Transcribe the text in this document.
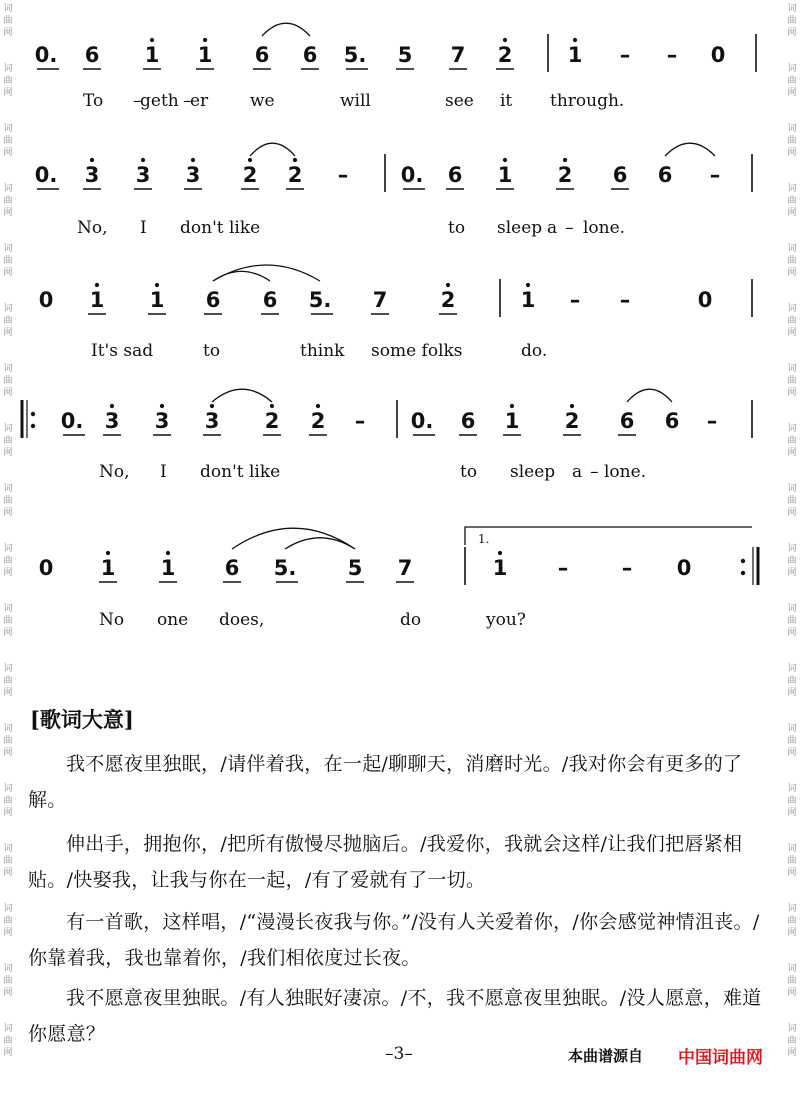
0. 6 1 1 6 6 5. 5 7 2	1 – – 0
To –
geth –
er we	will	see it through.
0. 3 3 3 2 2 – 0. 6 1 2 6 6 –
No, I don't like	to sleep a – lone.
0 1 1 6 6 5. 7	2	1 – –	0
It's sad	to	think some folks	do.
‖: 0. 3 3 3 2 2 – 0. 6 1 2 6 6 –
No, I don't like	to sleep a – lone.
0 1 1 6 5. 5 7	1 –	– 0	:‖
1.
No one does,	do	you?
词
曲
网
词
曲
网
词
曲
网
词
曲
网
词
曲
网
词
曲
网
词
曲
网
词
曲
网
词
曲
网
词
曲
网
词
曲
网
词
曲
网
词
曲
网
词
曲
网
词
曲
网
词
曲
网
词
曲
网
词
曲
网
词
曲
网
词
曲
网
词
曲
网
词
曲
网
词
曲
网
词
曲
网
词
曲
网
词
曲
网
词
曲
网
词
曲
网
词
曲
网
词
曲
网
词
曲
网
词
曲
网
词
曲
网
词
曲
网
词
曲
网
词
曲
网
[歌词大意]

我不愿夜里独眠，/请伴着我，在一起/聊聊天，消磨时光。/我对你会有更多的了解。

伸出手，拥抱你，/把所有傲慢尽抛脑后。/我爱你，我就会这样/让我们把唇紧相贴。/快娶我，让我与你在一起，/有了爱就有了一切。

有一首歌，这样唱，/“漫漫长夜我与你。”/没有人关爱着你，/你会感觉神情沮丧。/你靠着我，我也靠着你，/我们相依度过长夜。

我不愿意夜里独眠。/有人独眠好凄凉。/不，我不愿意夜里独眠。/没人愿意，难道你愿意？

–3–	本曲谱源自 中国词曲网
